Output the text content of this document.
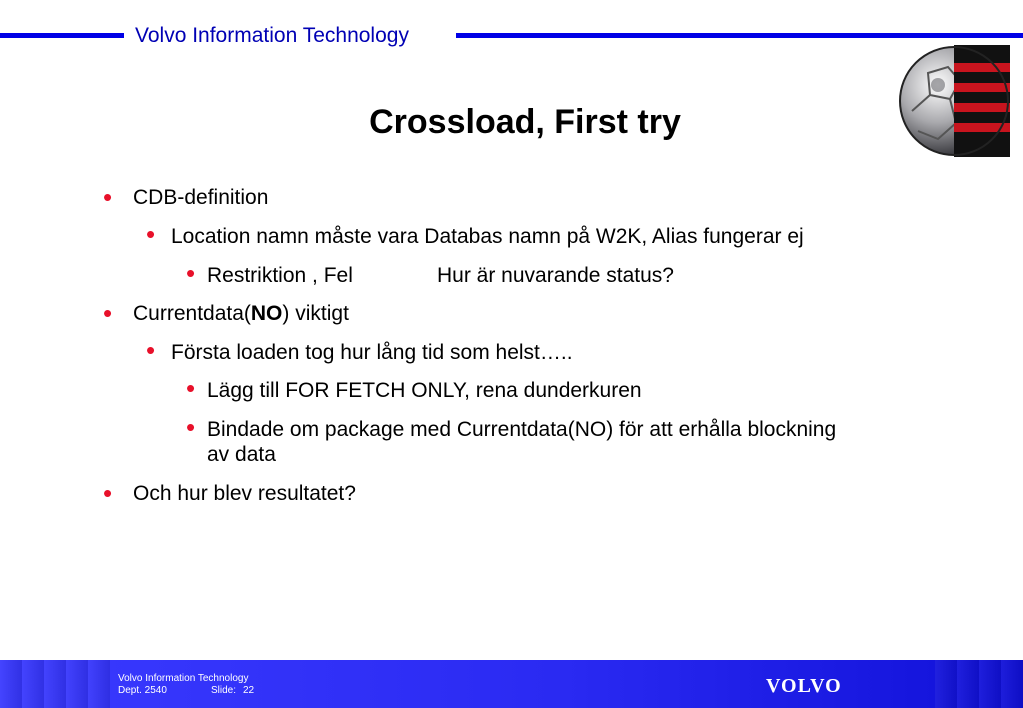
Volvo Information Technology
Crossload, First try
• CDB-definition
• Location namn måste vara Databas namn på W2K, Alias fungerar ej
• Restriktion , Fel	Hur är nuvarande status?
• Currentdata(NO) viktigt
• Första loaden tog hur lång tid som helst…..
• Lägg till FOR FETCH ONLY, rena dunderkuren
• Bindade om package med Currentdata(NO) för att erhålla blockning
av data
• Och hur blev resultatet?
Volvo Information Technology
Dept. 2540	Slide: 22	VOLVO
